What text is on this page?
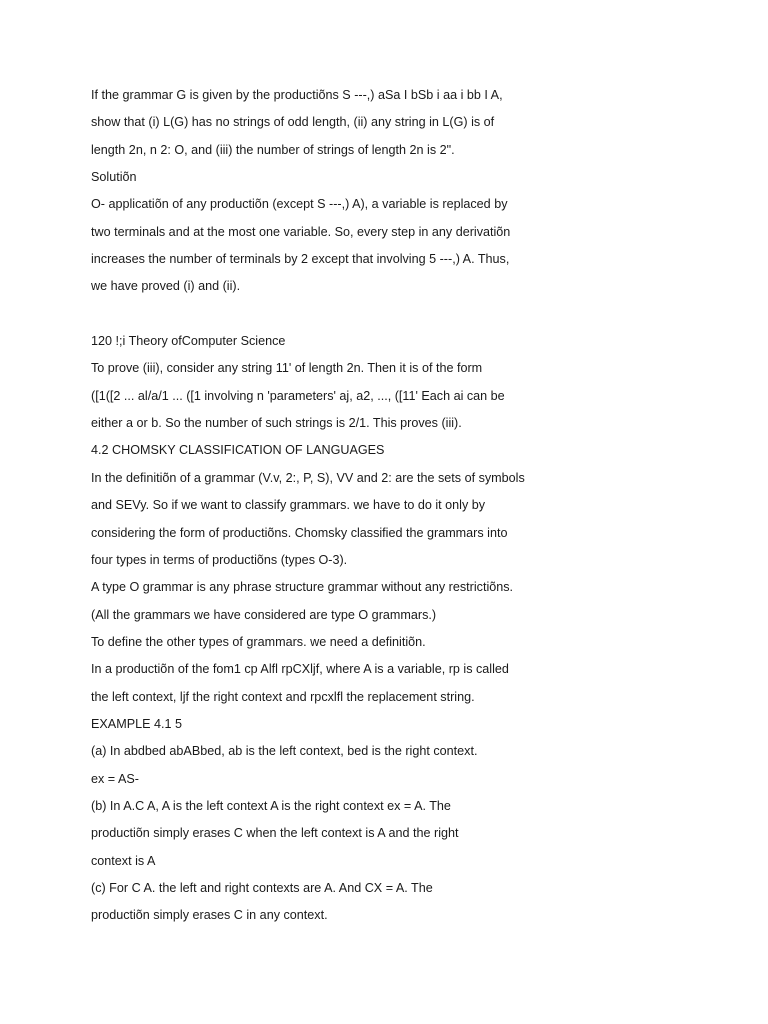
If the grammar G is given by the productiõns S ---,) aSa I bSb i aa i bb I A,

show that (i) L(G) has no strings of odd length, (ii) any string in L(G) is of

length 2n, n 2: O, and (iii) the number of strings of length 2n is 2".

Solutiõn

O- applicatiõn of any productiõn (except S ---,) A), a variable is replaced by

two terminals and at the most one variable. So, every step in any derivatiõn

increases the number of terminals by 2 except that involving 5 ---,) A. Thus,

we have proved (i) and (ii).

120 !;i Theory ofComputer Science

To prove (iii), consider any string 11' of length 2n. Then it is of the form

([1([2 ... al/a/1 ... ([1 involving n 'parameters' aj, a2, ..., ([11' Each ai can be

either a or b. So the number of such strings is 2/1. This proves (iii).

4.2 CHOMSKY CLASSIFICATION OF LANGUAGES

In the definitiõn of a grammar (V.v, 2:, P, S), VV and 2: are the sets of symbols

and SEVy. So if we want to classify grammars. we have to do it only by

considering the form of productiõns. Chomsky classified the grammars into

four types in terms of productiõns (types O-3).

A type O grammar is any phrase structure grammar without any restrictiõns.

(All the grammars we have considered are type O grammars.)

To define the other types of grammars. we need a definitiõn.

In a productiõn of the fom1 cp Alfl rpCXljf, where A is a variable, rp is called

the left context, ljf the right context and rpcxlfl the replacement string.

EXAMPLE 4.1 5

(a) In abdbed abABbed, ab is the left context, bed is the right context.

ex = AS-

(b) In A.C A, A is the left context A is the right context ex = A. The

productiõn simply erases C when the left context is A and the right

context is A

(c) For C A. the left and right contexts are A. And CX = A. The

productiõn simply erases C in any context.
